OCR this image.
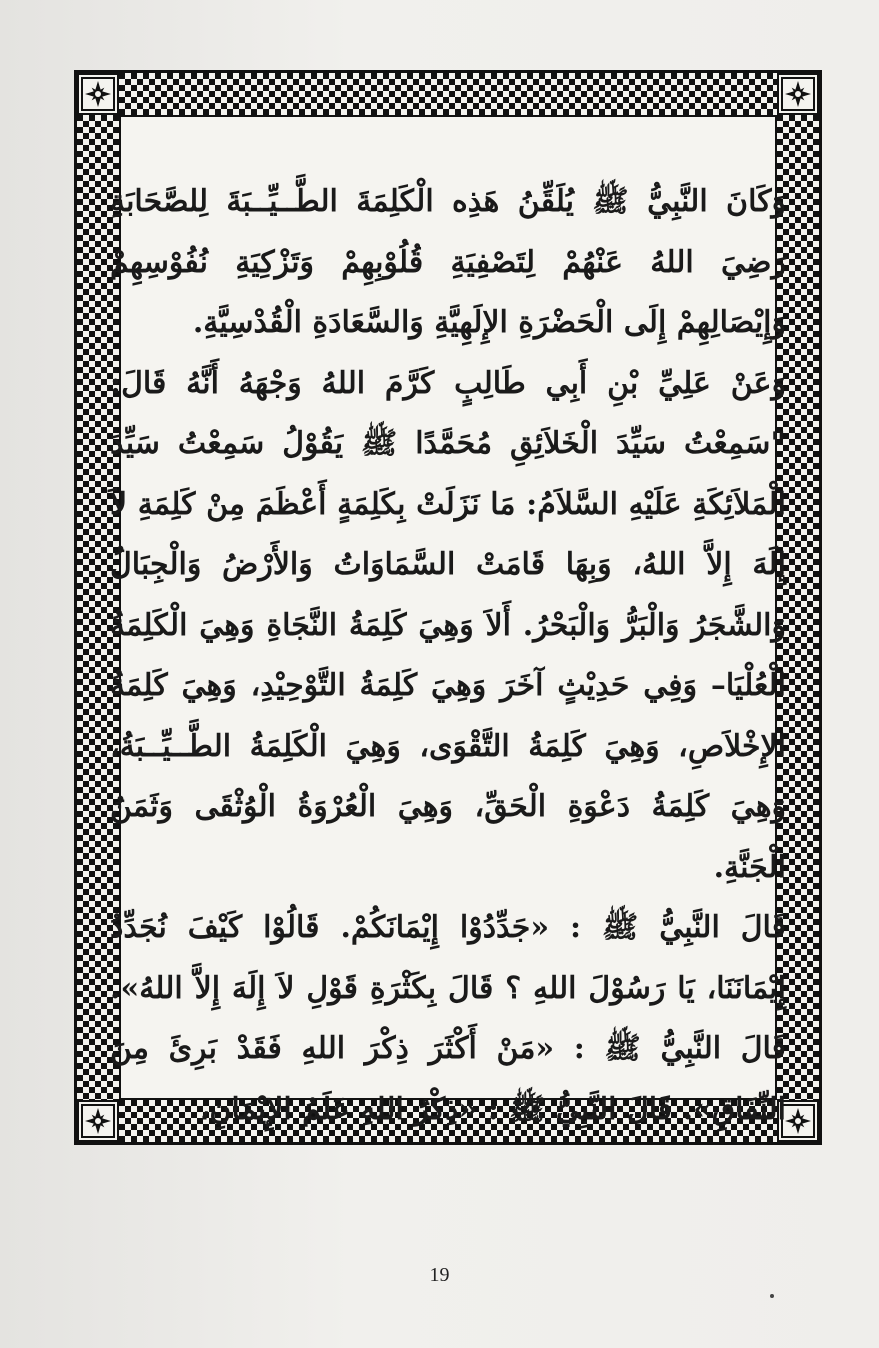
وَكَانَ النَّبِيُّ ﷺ يُلَقِّنُ هَذِه الْكَلِمَةَ الطَّــيِّــبَةَ لِلصَّحَابَةِ رَضِيَ اللهُ عَنْهُمْ لِتَصْفِيَةِ قُلُوْبِهِمْ وَتَزْكِيَةِ نُفُوْسِهِمْ وَإِيْصَالِهِمْ إِلَى الْحَضْرَةِ الإِلَهِيَّةِ وَالسَّعَادَةِ الْقُدْسِيَّةِ.

وَعَنْ عَلِيِّ بْنِ أَبِي طَالِبٍ كَرَّمَ اللهُ وَجْهَهُ أَنَّهُ قَالَ: "سَمِعْتُ سَيِّدَ الْخَلاَئِقِ مُحَمَّدًا ﷺ يَقُوْلُ سَمِعْتُ سَيِّدَ الْمَلاَئِكَةِ عَلَيْهِ السَّلاَمُ: مَا نَزَلَتْ بِكَلِمَةٍ أَعْظَمَ مِنْ كَلِمَةِ لاَ إِلَهَ إِلاَّ اللهُ، وَبِهَا قَامَتْ السَّمَاوَاتُ وَالأَرْضُ وَالْجِبَالُ وَالشَّجَرُ وَالْبَرُّ وَالْبَحْرُ. أَلاَ وَهِيَ كَلِمَةُ النَّجَاةِ وَهِيَ الْكَلِمَةُ الْعُلْيَا– وَفِي حَدِيْثٍ آخَرَ وَهِيَ كَلِمَةُ التَّوْحِيْدِ، وَهِيَ كَلِمَةُ الإِخْلاَصِ، وَهِيَ كَلِمَةُ التَّقْوَى، وَهِيَ الْكَلِمَةُ الطَّــيِّــبَةُ، وَهِيَ كَلِمَةُ دَعْوَةِ الْحَقِّ، وَهِيَ الْعُرْوَةُ الْوُثْقَى وَثَمَنُ الْجَنَّةِ.

قَالَ النَّبِيُّ ﷺ : «جَدِّدُوْا إِيْمَانَكُمْ. قَالُوْا كَيْفَ نُجَدِّدُ إِيْمَانَنَا، يَا رَسُوْلَ اللهِ ؟ قَالَ بِكَثْرَةِ قَوْلِ لاَ إِلَهَ إِلاَّ اللهُ». قَالَ النَّبِيُّ ﷺ : «مَنْ أَكْثَرَ ذِكْرَ اللهِ فَقَدْ بَرِئَ مِنَ النِّفَاقِ». قَالَ النَّبِيُّ ﷺ : «ذِكْرُ اللهِ عَلَمُ الإِيْمَانِ،

19
